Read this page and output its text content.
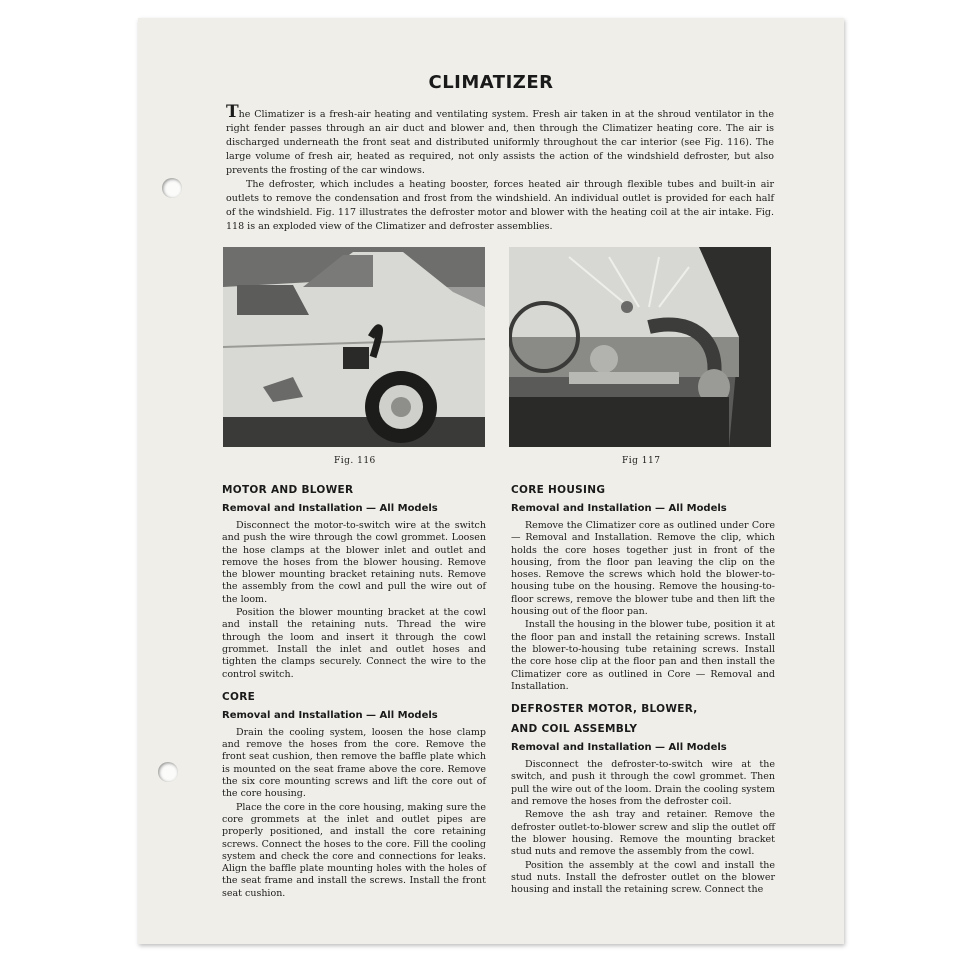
CLIMATIZER

The Climatizer is a fresh-air heating and ventilating system. Fresh air taken in at the shroud ventilator in the right fender passes through an air duct and blower and, then through the Climatizer heating core. The air is discharged underneath the front seat and distributed uniformly throughout the car interior (see Fig. 116). The large volume of fresh air, heated as required, not only assists the action of the windshield defroster, but also prevents the frosting of the car windows.

The defroster, which includes a heating booster, forces heated air through flexible tubes and built-in air outlets to remove the condensation and frost from the windshield. An individual outlet is provided for each half of the windshield. Fig. 117 illustrates the defroster motor and blower with the heating coil at the air intake. Fig. 118 is an exploded view of the Climatizer and defroster assemblies.

Fig. 116	Fig 117
MOTOR AND BLOWER
Removal and Installation — All Models

Disconnect the motor-to-switch wire at the switch and push the wire through the cowl grommet. Loosen the hose clamps at the blower inlet and outlet and remove the hoses from the blower housing. Remove the blower mounting bracket retaining nuts. Remove the assembly from the cowl and pull the wire out of the loom.

Position the blower mounting bracket at the cowl and install the retaining nuts. Thread the wire through the loom and insert it through the cowl grommet. Install the inlet and outlet hoses and tighten the clamps securely. Connect the wire to the control switch.

CORE
Removal and Installation — All Models

Drain the cooling system, loosen the hose clamp and remove the hoses from the core. Remove the front seat cushion, then remove the baffle plate which is mounted on the seat frame above the core. Remove the six core mounting screws and lift the core out of the core housing.

Place the core in the core housing, making sure the core grommets at the inlet and outlet pipes are properly positioned, and install the core retaining screws. Connect the hoses to the core. Fill the cooling system and check the core and connections for leaks. Align the baffle plate mounting holes with the holes of the seat frame and install the screws. Install the front seat cushion.

CORE HOUSING
Removal and Installation — All Models

Remove the Climatizer core as outlined under Core — Removal and Installation. Remove the clip, which holds the core hoses together just in front of the housing, from the floor pan leaving the clip on the hoses. Remove the screws which hold the blower-to-housing tube on the housing. Remove the housing-to-floor screws, remove the blower tube and then lift the housing out of the floor pan.

Install the housing in the blower tube, position it at the floor pan and install the retaining screws. Install the blower-to-housing tube retaining screws. Install the core hose clip at the floor pan and then install the Climatizer core as outlined in Core — Removal and Installation.

DEFROSTER MOTOR, BLOWER,
AND COIL ASSEMBLY
Removal and Installation — All Models

Disconnect the defroster-to-switch wire at the switch, and push it through the cowl grommet. Then pull the wire out of the loom. Drain the cooling system and remove the hoses from the defroster coil.

Remove the ash tray and retainer. Remove the defroster outlet-to-blower screw and slip the outlet off the blower housing. Remove the mounting bracket stud nuts and remove the assembly from the cowl.

Position the assembly at the cowl and install the stud nuts. Install the defroster outlet on the blower housing and install the retaining screw. Connect the
